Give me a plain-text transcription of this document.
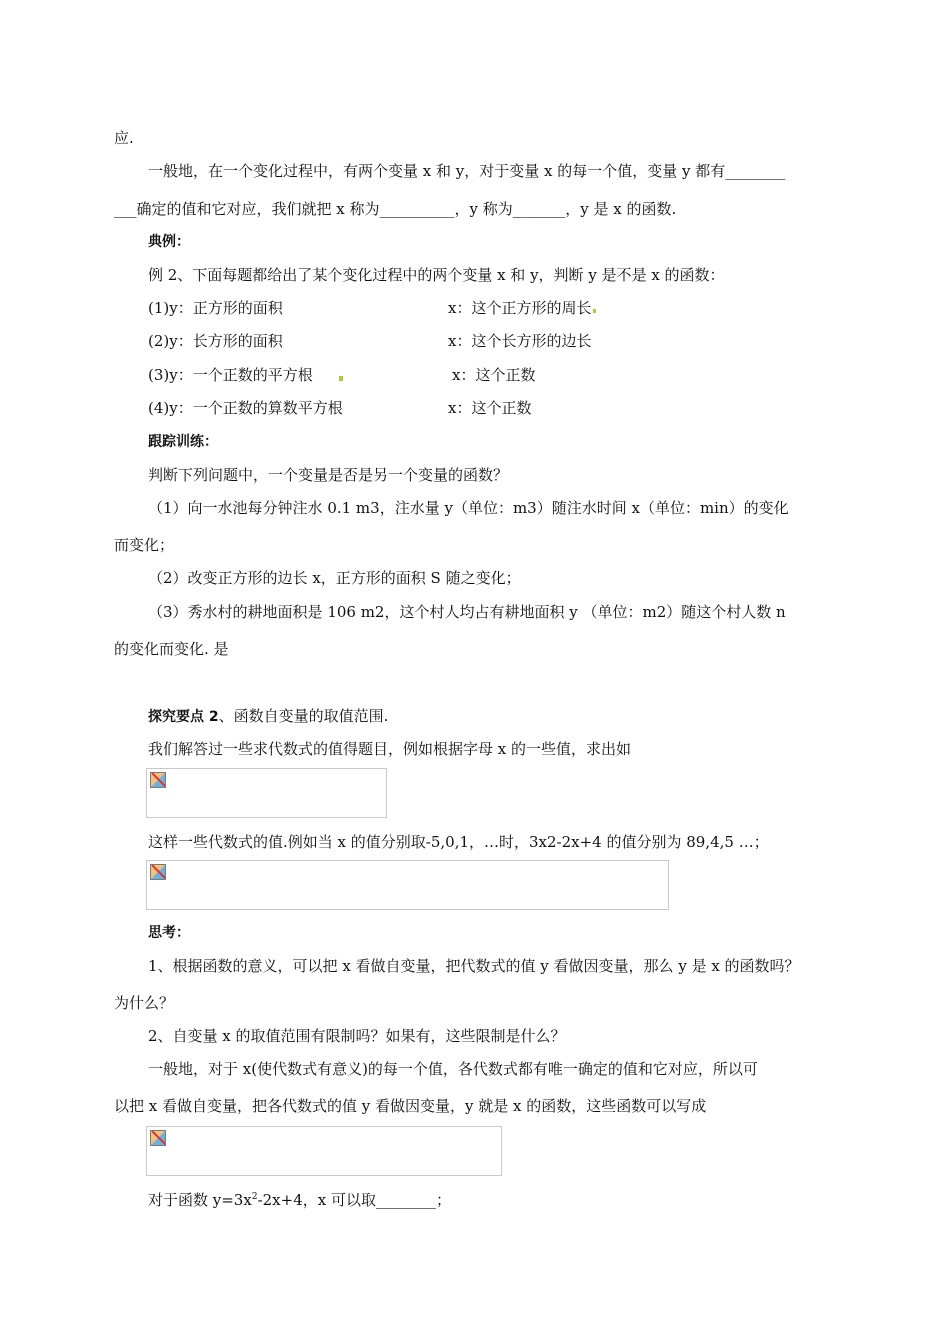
应.
一般地，在一个变化过程中，有两个变量 x 和 y，对于变量 x 的每一个值，变量 y 都有________
___确定的值和它对应，我们就把 x 称为__________，y 称为_______，y 是 x 的函数.
典例：
例 2、下面每题都给出了某个变化过程中的两个变量 x 和 y，判断 y 是不是 x 的函数：
(1)y：正方形的面积	x：这个正方形的周长
(2)y：长方形的面积	x：这个长方形的边长
(3)y：一个正数的平方根	x：这个正数
(4)y：一个正数的算数平方根	x：这个正数
跟踪训练：
判断下列问题中，一个变量是否是另一个变量的函数？
（1）向一水池每分钟注水 0.1 m3，注水量 y（单位：m3）随注水时间 x（单位：min）的变化
而变化；
（2）改变正方形的边长 x，正方形的面积 S 随之变化；
（3）秀水村的耕地面积是 106 m2，这个村人均占有耕地面积 y （单位：m2）随这个村人数 n
的变化而变化. 是
探究要点 2、函数自变量的取值范围.
我们解答过一些求代数式的值得题目，例如根据字母 x 的一些值，求出如
这样一些代数式的值.例如当 x 的值分别取-5,0,1，…时，3x2-2x+4 的值分别为 89,4,5 …；
思考：
1、根据函数的意义，可以把 x 看做自变量，把代数式的值 y 看做因变量，那么 y 是 x 的函数吗？
为什么？
2、自变量 x 的取值范围有限制吗？如果有，这些限制是什么？
一般地，对于 x(使代数式有意义)的每一个值，各代数式都有唯一确定的值和它对应，所以可
以把 x 看做自变量，把各代数式的值 y 看做因变量，y 就是 x 的函数，这些函数可以写成
对于函数 $y=3x^2-2x+4$，x 可以取________；
